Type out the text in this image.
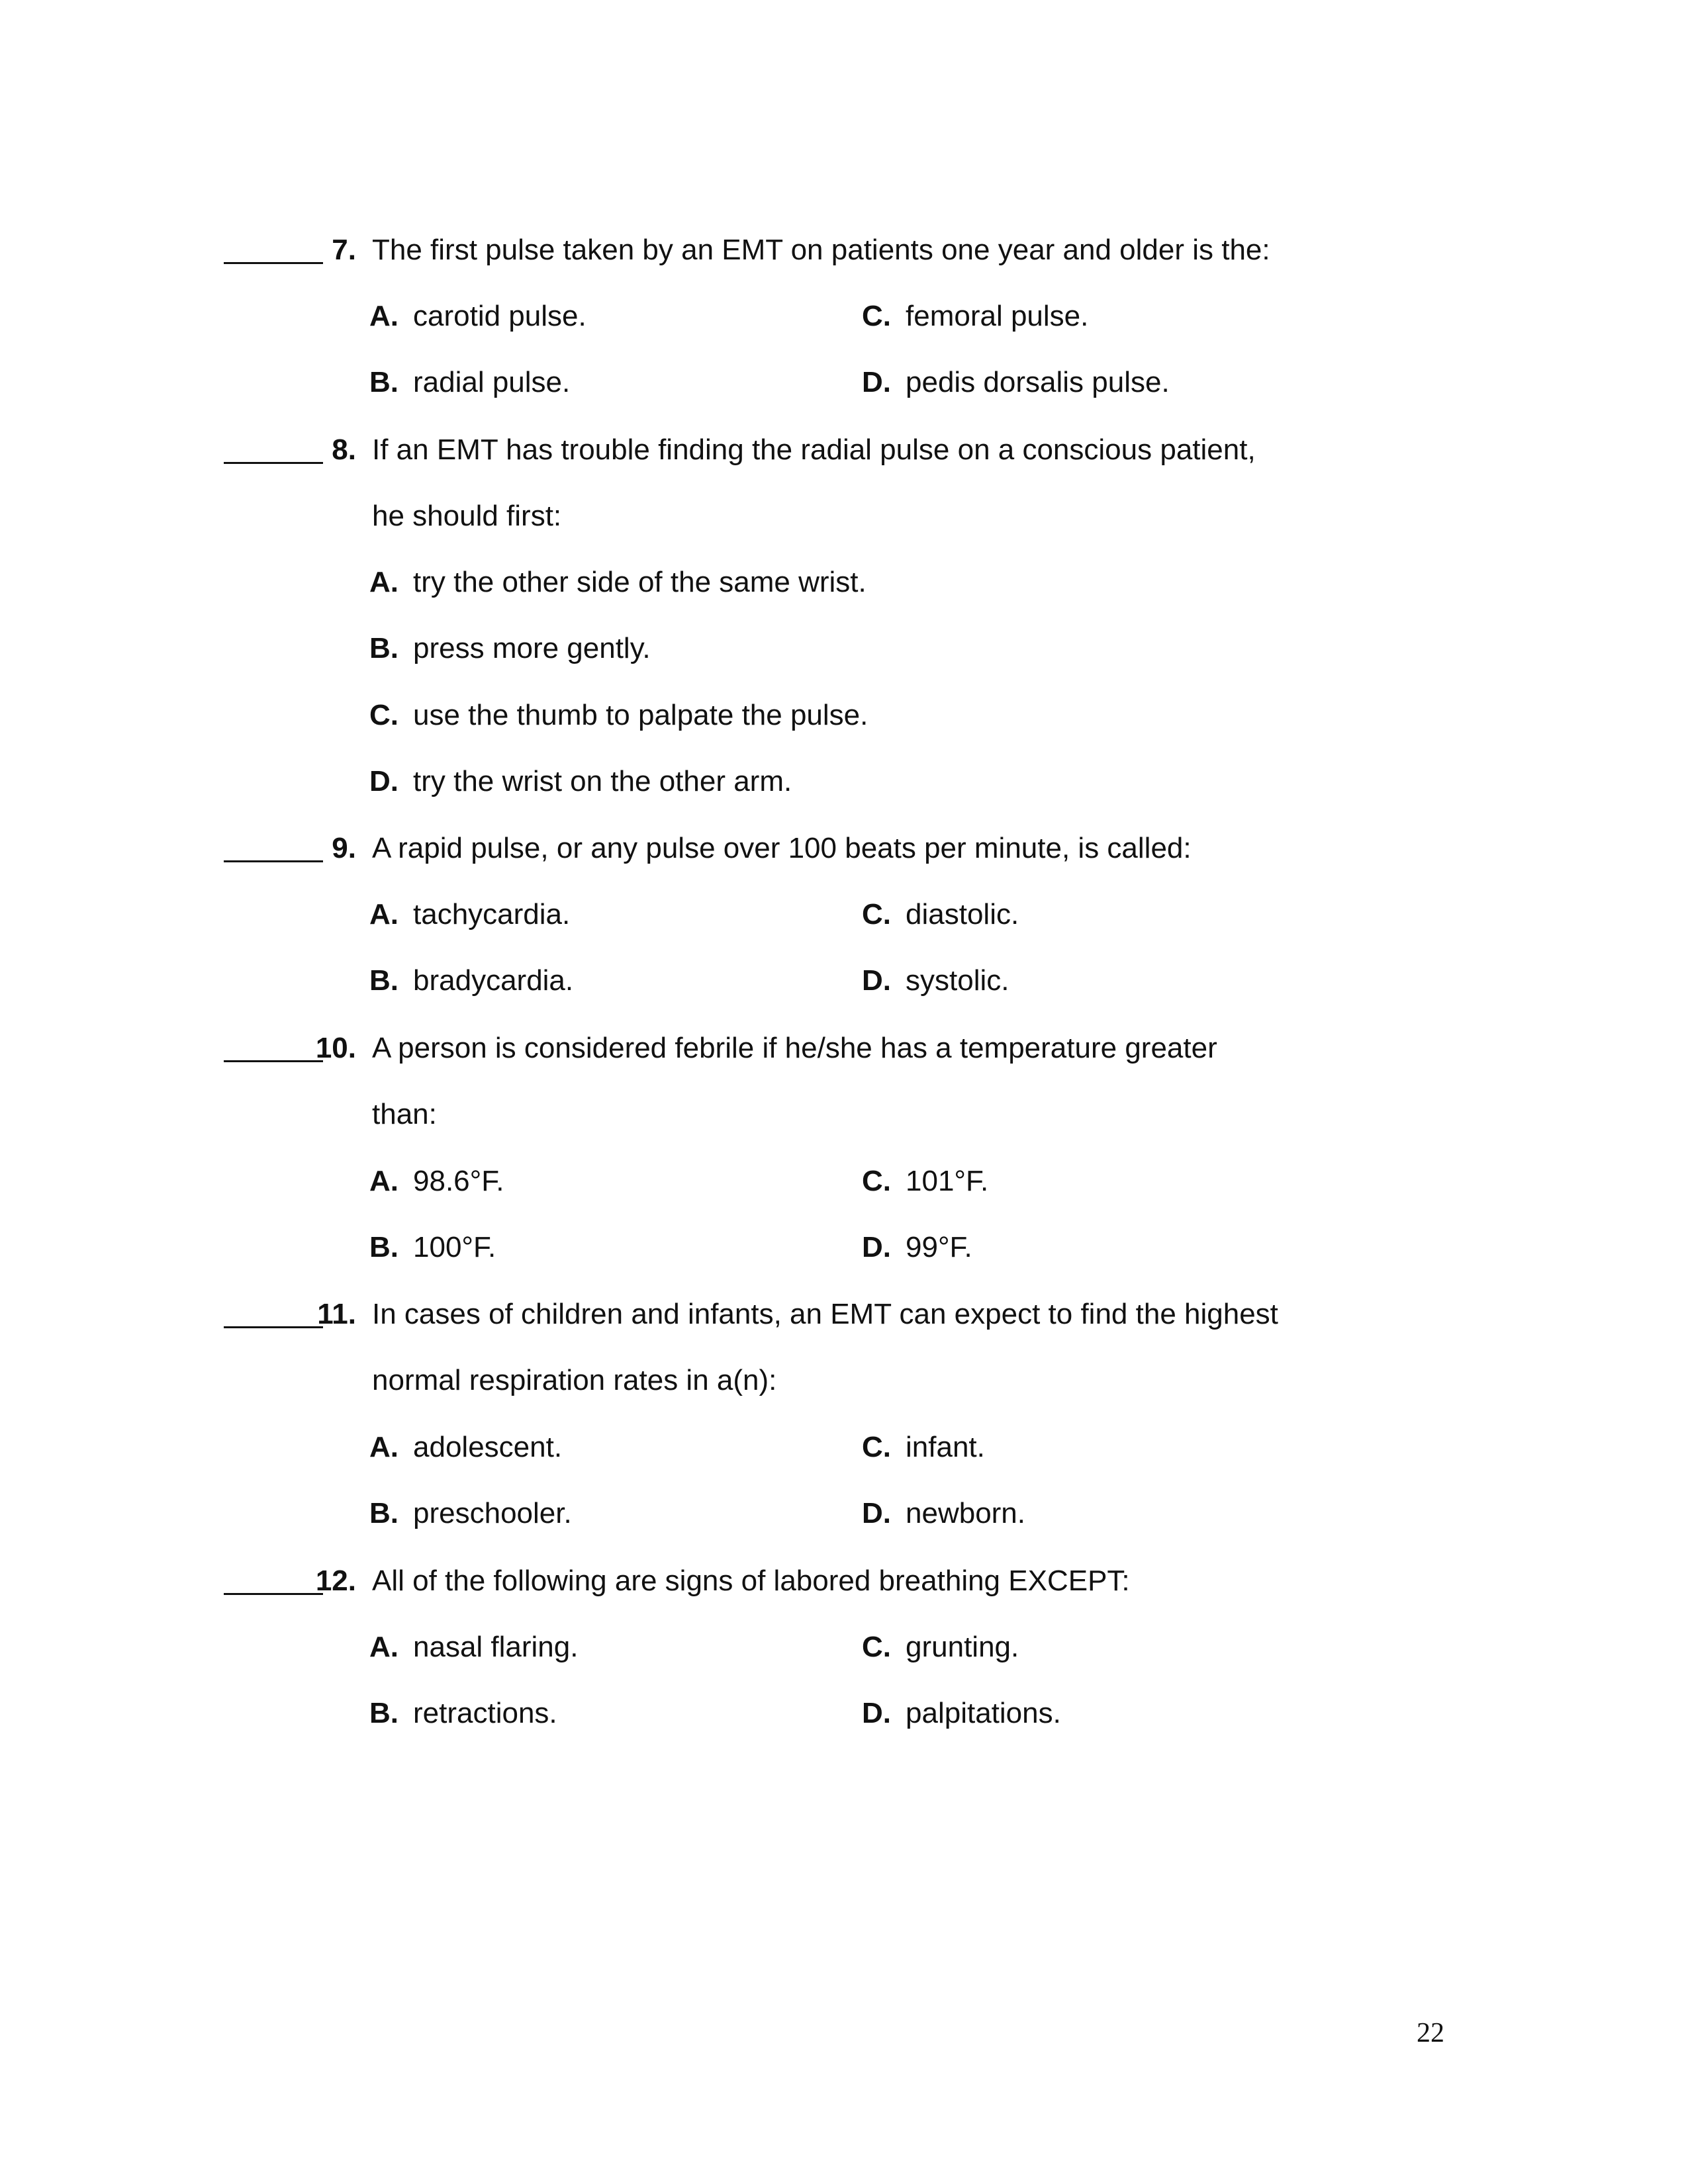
7. The first pulse taken by an EMT on patients one year and older is the:
A. carotid pulse.
B. radial pulse.
C. femoral pulse.
D. pedis dorsalis pulse.
8. If an EMT has trouble finding the radial pulse on a conscious patient,
he should first:
A. try the other side of the same wrist.
B. press more gently.
C. use the thumb to palpate the pulse.
D. try the wrist on the other arm.
9. A rapid pulse, or any pulse over 100 beats per minute, is called:
A. tachycardia.
B. bradycardia.
C. diastolic.
D. systolic.
10. A person is considered febrile if he/she has a temperature greater
than:
A. 98.6°F.
B. 100°F.
C. 101°F.
D. 99°F.
11. In cases of children and infants, an EMT can expect to find the highest
normal respiration rates in a(n):
A. adolescent.
B. preschooler.
C. infant.
D. newborn.
12. All of the following are signs of labored breathing EXCEPT:
A. nasal flaring.
B. retractions.
C. grunting.
D. palpitations.
22
